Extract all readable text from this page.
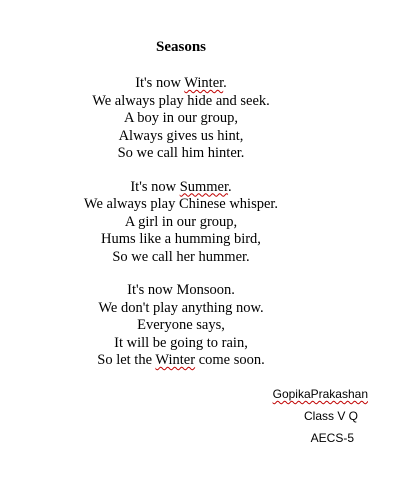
Seasons
It's now Winter.
We always play hide and seek.
A boy in our group,
Always gives us hint,
So we call him hinter.
It's now Summer.
We always play Chinese whisper.
A girl in our group,
Hums like a humming bird,
So we call her hummer.
It's now Monsoon.
We don't play anything now.
Everyone says,
It will be going to rain,
So let the Winter come soon.
GopikaPrakashan
Class V Q
AECS-5
